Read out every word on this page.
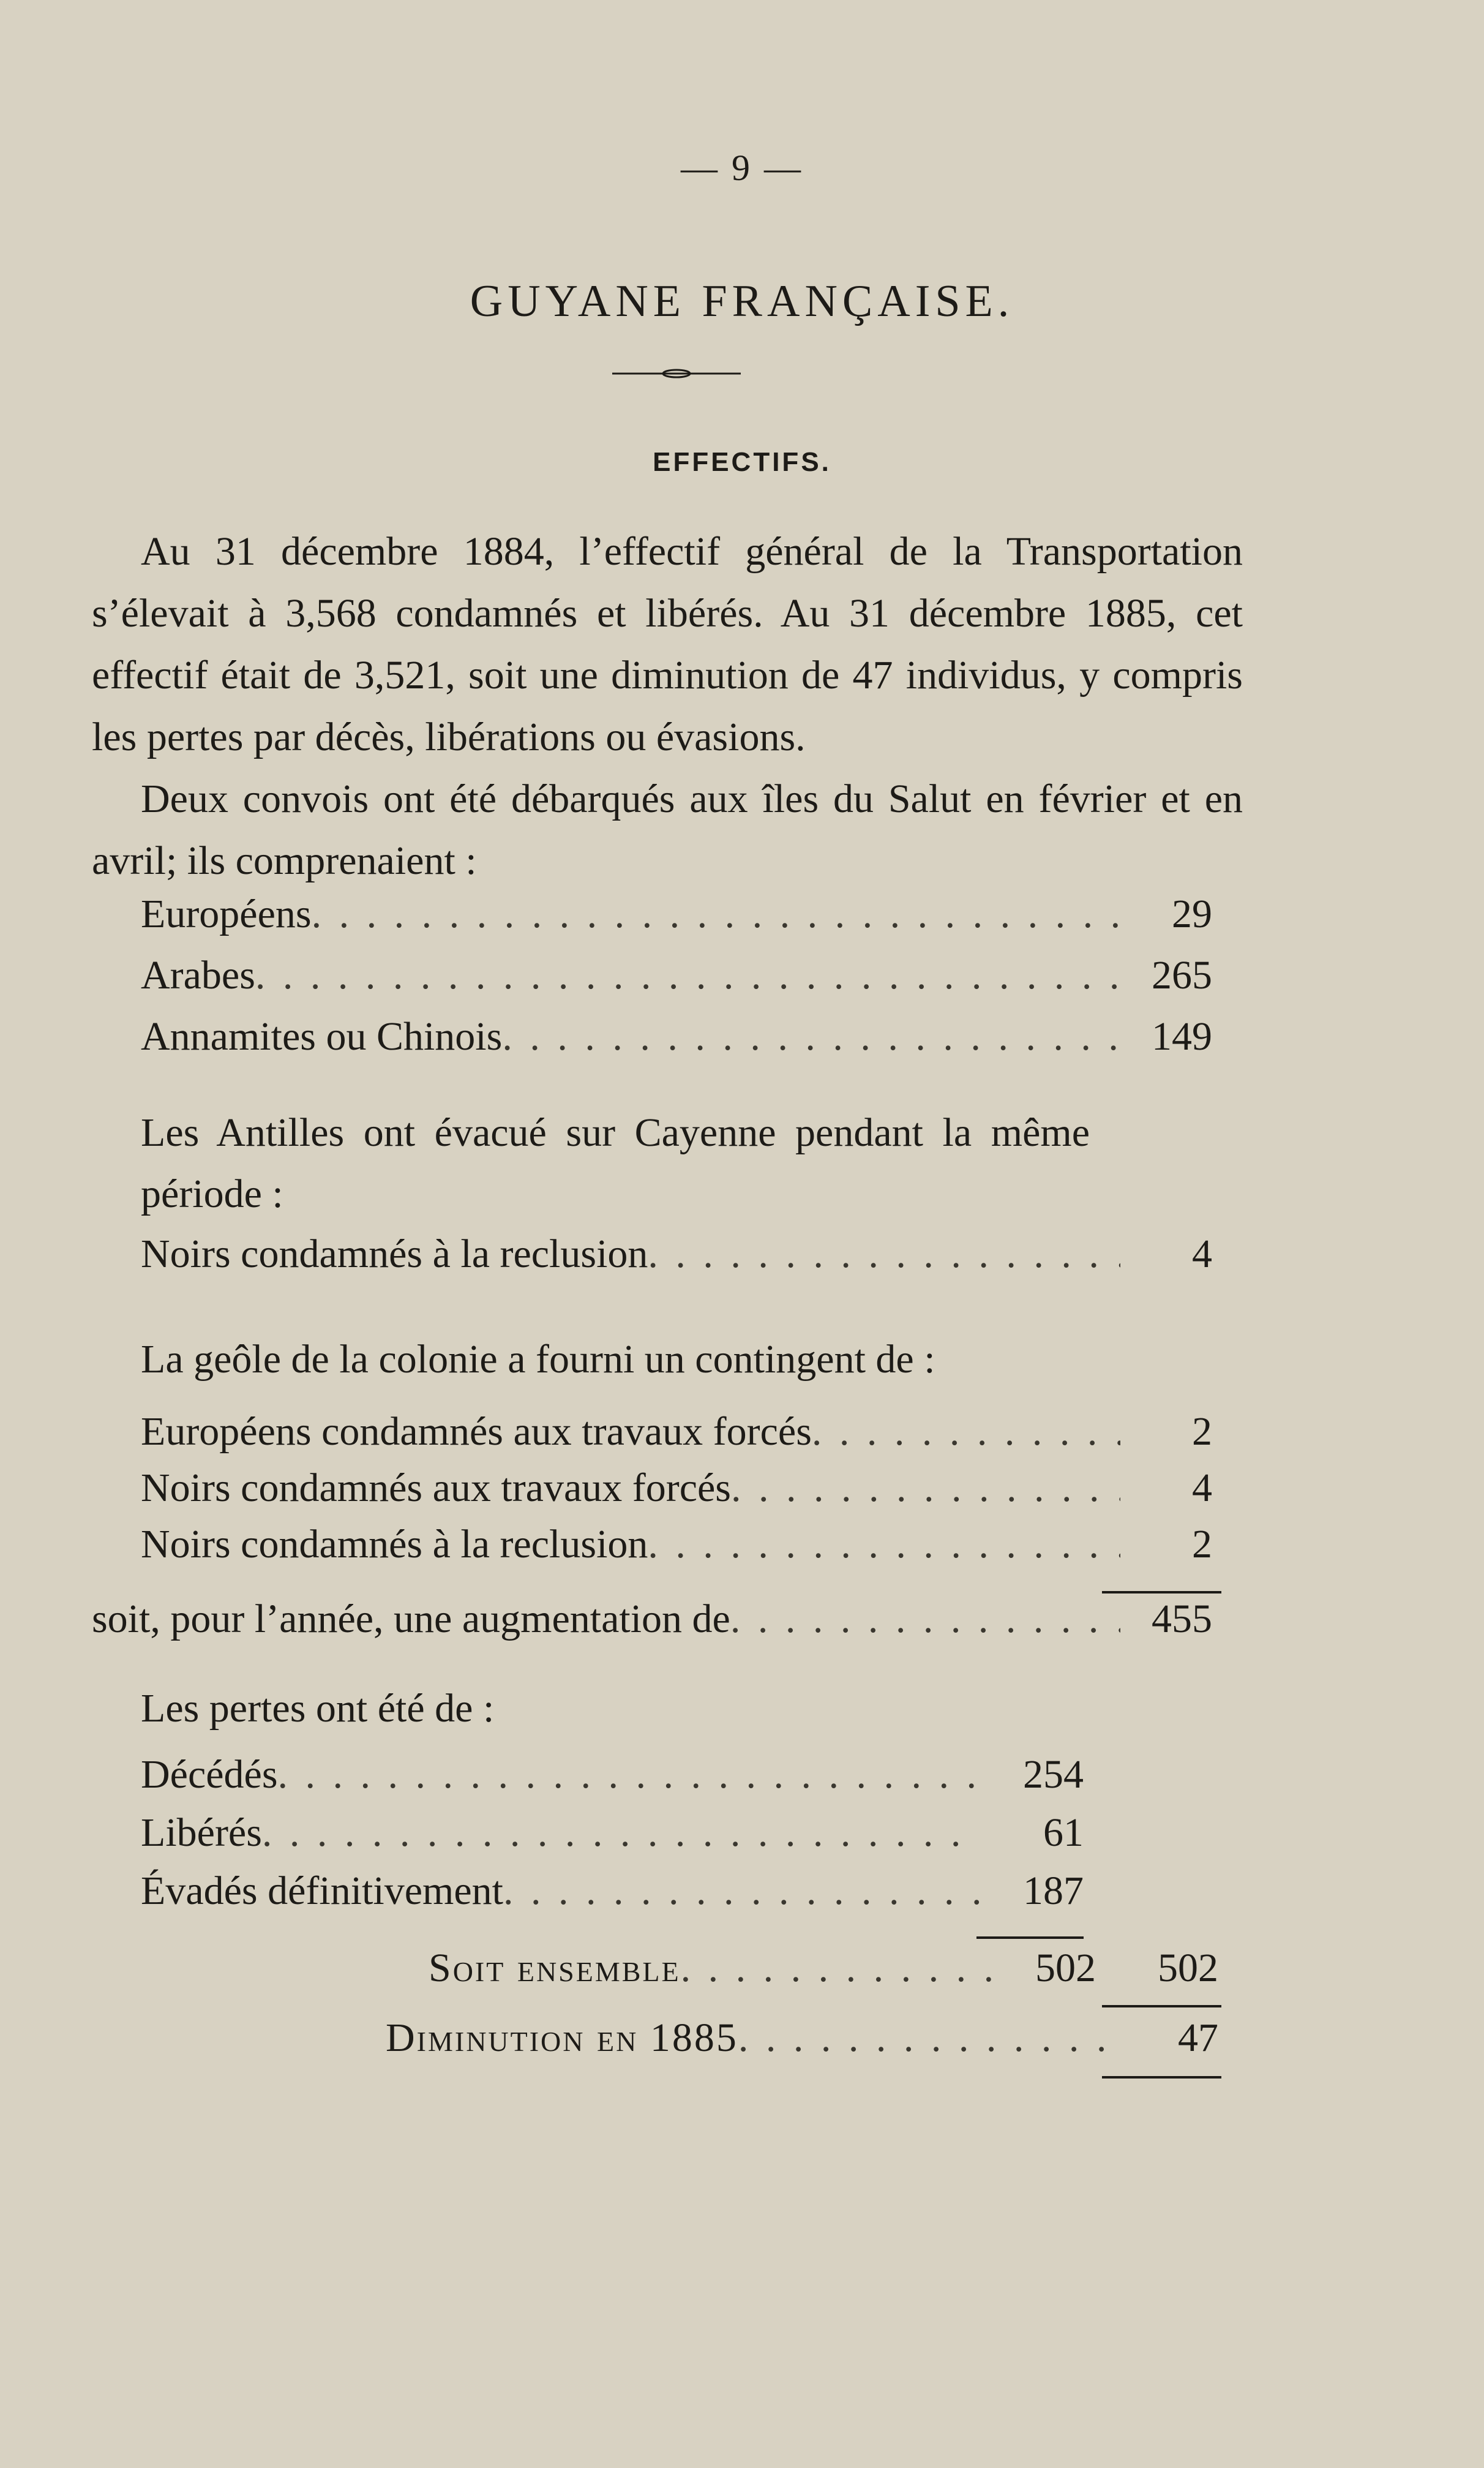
— 9 —
GUYANE FRANÇAISE.
EFFECTIFS.

Au 31 décembre 1884, l’effectif général de la Transportation s’élevait à 3,568 condamnés et libérés. Au 31 décembre 1885, cet effectif était de 3,521, soit une diminution de 47 individus, y compris les pertes par décès, libérations ou évasions.

Deux convois ont été débarqués aux îles du Salut en février et en avril; ils comprenaient :

Européens . . .	29
Arabes . . .	265
Annamites ou Chinois . . .	149

Les Antilles ont évacué sur Cayenne pendant la même période :

Noirs condamnés à la reclusion . . .	4

La geôle de la colonie a fourni un contingent de :

Européens condamnés aux travaux forcés . . .	2
Noirs condamnés aux travaux forcés . . .	4
Noirs condamnés à la reclusion . . .	2
soit, pour l’année, une augmentation de . . .	455

Les pertes ont été de :

Décédés . . .	254
Libérés . . .	61
Évadés définitivement . . .	187
Soit ensemble . . .	502	502
Diminution en 1885 . . .	47
